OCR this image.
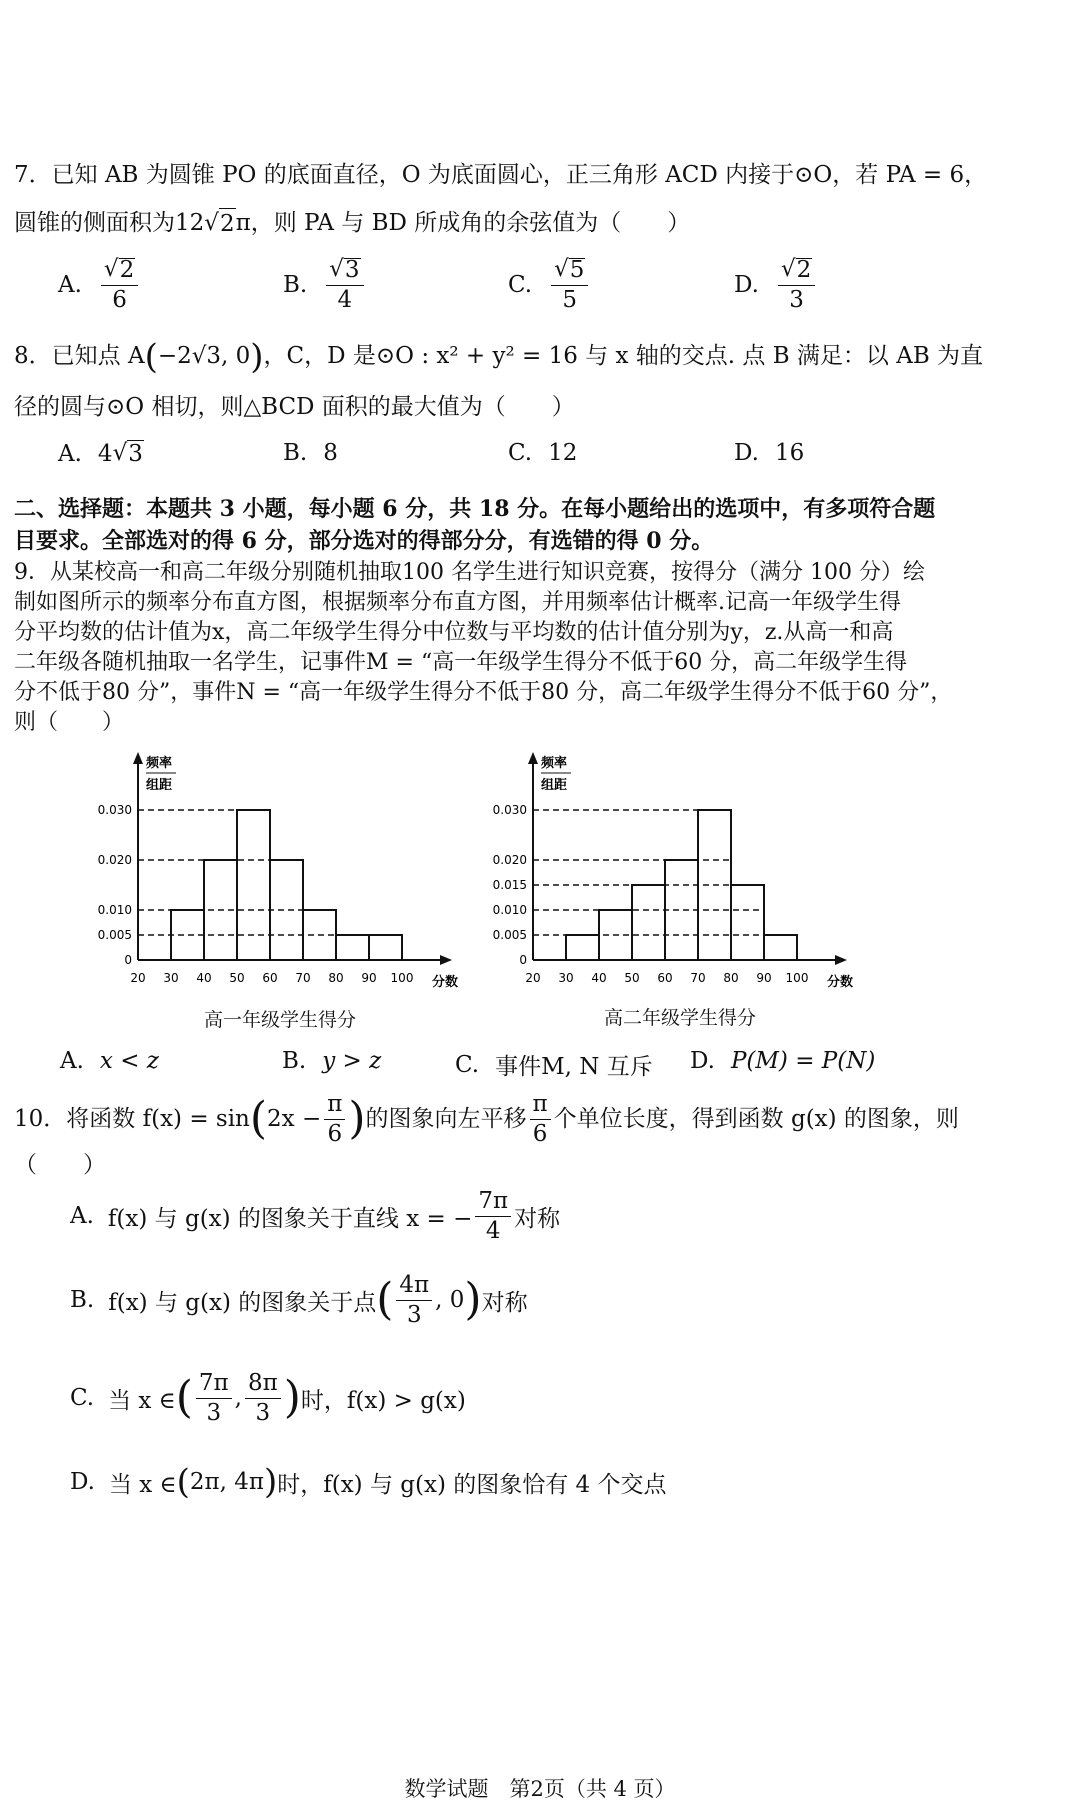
7．已知 AB 为圆锥 PO 的底面直径，O 为底面圆心，正三角形 ACD 内接于⊙O，若 PA = 6，
圆锥的侧面积为12 √ 2 π，则 PA 与 BD 所成角的余弦值为（　　）
A. $\frac{√ 2}{6}$	B. $\frac{√ 3}{4}$	C. $\frac{√ 5}{5}$	D. $\frac{√ 2}{3}$
8．已知点 A(−2√3, 0)，C，D 是⊙O : x² + y² = 16 与 x 轴的交点. 点 B 满足：以 AB 为直
径的圆与⊙O 相切，则△BCD 面积的最大值为（　　）
A. 4 √ 3	B. 8	C. 12	D. 16
二、选择题：本题共 3 小题，每小题 6 分，共 18 分。在每小题给出的选项中，有多项符合题
目要求。全部选对的得 6 分，部分选对的得部分分，有选错的得 0 分。
9．从某校高一和高二年级分别随机抽取100 名学生进行知识竞赛，按得分（满分 100 分）绘
制如图所示的频率分布直方图，根据频率分布直方图，并用频率估计概率.记高一年级学生得
分平均数的估计值为x，高二年级学生得分中位数与平均数的估计值分别为y，z.从高一和高
二年级各随机抽取一名学生，记事件M = “高一年级学生得分不低于60 分，高二年级学生得
分不低于80 分”，事件N = “高一年级学生得分不低于80 分，高二年级学生得分不低于60 分”，
则（　　）
频率
组距
分数
0
0.005
0.010
0.020
0.030
20 30 40 50 60 70 80 90 100
频率
组距
分数
0
0.005
0.010
0.015
0.020
0.030
20 30 40 50 60 70 80 90 100
高一年级学生得分	高二年级学生得分
A. x < z	B. y > z	C. 事件M, N 互斥 D. P(M) = P(N)
10．将函数 f(x) = sin ( $2x - \frac{\pi}{6}$ ) 的图象向左平移 $\frac{\pi}{6}$ 个单位长度，得到函数 g(x) 的图象，则
（　　）
A. f(x) 与 g(x) 的图象关于直线 x = − $\frac{7\pi}{4}$ 对称
B. f(x) 与 g(x) 的图象关于点 ( $\frac{4\pi}{3}$ , 0 ) 对称
C. 当 x ∈ ( $\frac{7\pi}{3}$ , $\frac{8\pi}{3}$ ) 时，f(x) > g(x)
D. 当 x ∈ ( 2π, 4π ) 时，f(x) 与 g(x) 的图象恰有 4 个交点
数学试题　第2页（共 4 页）
